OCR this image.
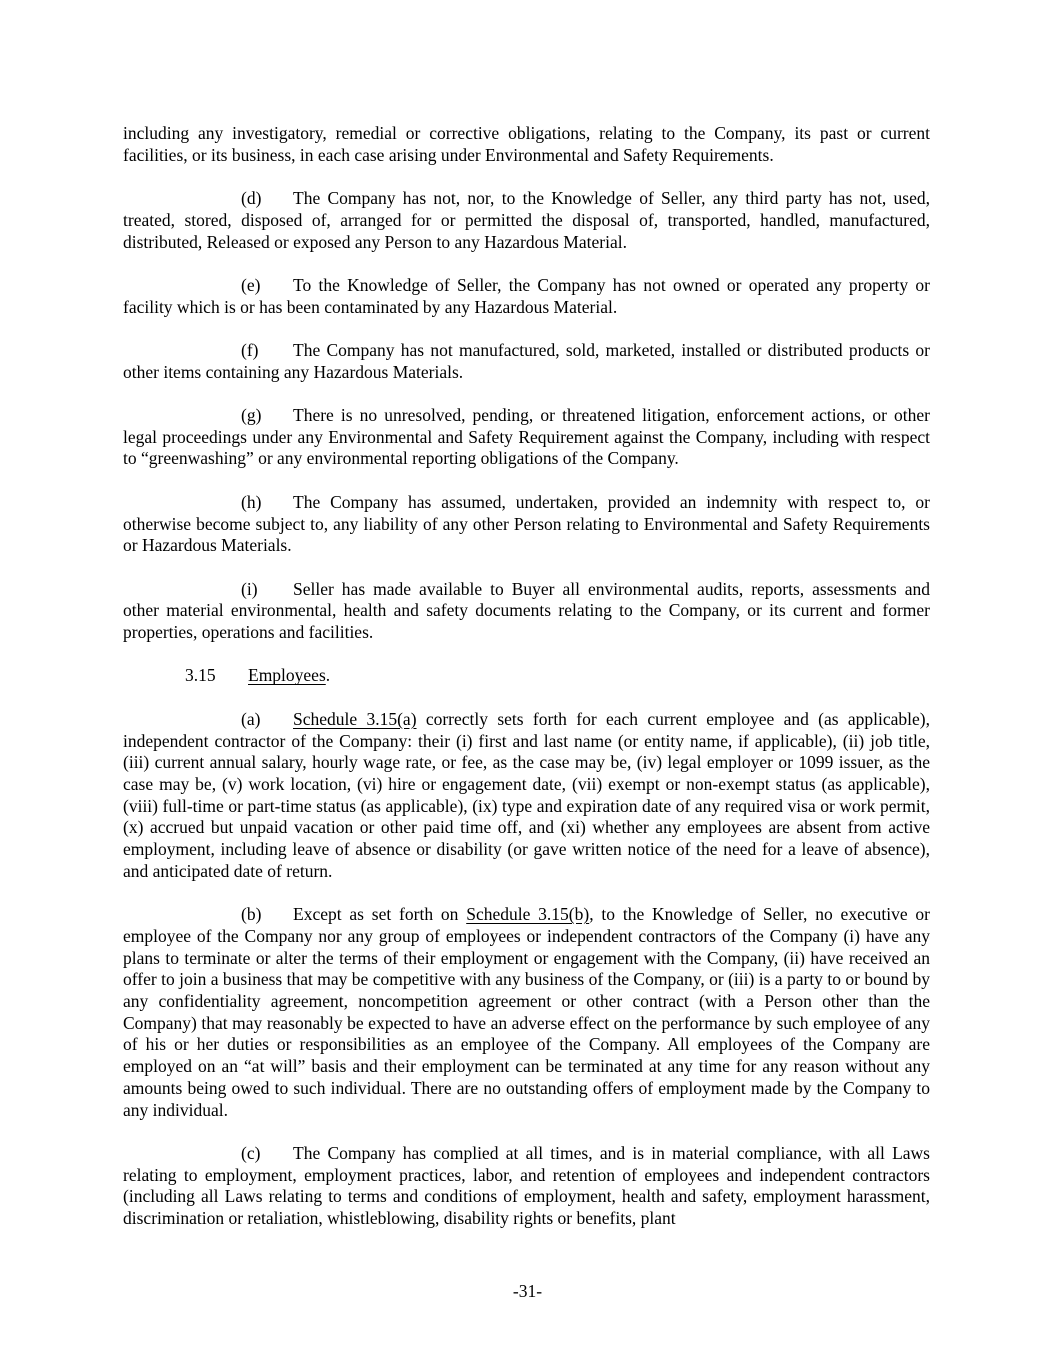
including any investigatory, remedial or corrective obligations, relating to the Company, its past or current facilities, or its business, in each case arising under Environmental and Safety Requirements.

(d) The Company has not, nor, to the Knowledge of Seller, any third party has not, used, treated, stored, disposed of, arranged for or permitted the disposal of, transported, handled, manufactured, distributed, Released or exposed any Person to any Hazardous Material.

(e) To the Knowledge of Seller, the Company has not owned or operated any property or facility which is or has been contaminated by any Hazardous Material.

(f) The Company has not manufactured, sold, marketed, installed or distributed products or other items containing any Hazardous Materials.

(g) There is no unresolved, pending, or threatened litigation, enforcement actions, or other legal proceedings under any Environmental and Safety Requirement against the Company, including with respect to “greenwashing” or any environmental reporting obligations of the Company.

(h) The Company has assumed, undertaken, provided an indemnity with respect to, or otherwise become subject to, any liability of any other Person relating to Environmental and Safety Requirements or Hazardous Materials.

(i) Seller has made available to Buyer all environmental audits, reports, assessments and other material environmental, health and safety documents relating to the Company, or its current and former properties, operations and facilities.

3.15 Employees.

(a) Schedule 3.15(a) correctly sets forth for each current employee and (as applicable), independent contractor of the Company: their (i) first and last name (or entity name, if applicable), (ii) job title, (iii) current annual salary, hourly wage rate, or fee, as the case may be, (iv) legal employer or 1099 issuer, as the case may be, (v) work location, (vi) hire or engagement date, (vii) exempt or non-exempt status (as applicable), (viii) full-time or part-time status (as applicable), (ix) type and expiration date of any required visa or work permit, (x) accrued but unpaid vacation or other paid time off, and (xi) whether any employees are absent from active employment, including leave of absence or disability (or gave written notice of the need for a leave of absence), and anticipated date of return.

(b) Except as set forth on Schedule 3.15(b), to the Knowledge of Seller, no executive or employee of the Company nor any group of employees or independent contractors of the Company (i) have any plans to terminate or alter the terms of their employment or engagement with the Company, (ii) have received an offer to join a business that may be competitive with any business of the Company, or (iii) is a party to or bound by any confidentiality agreement, noncompetition agreement or other contract (with a Person other than the Company) that may reasonably be expected to have an adverse effect on the performance by such employee of any of his or her duties or responsibilities as an employee of the Company. All employees of the Company are employed on an “at will” basis and their employment can be terminated at any time for any reason without any amounts being owed to such individual. There are no outstanding offers of employment made by the Company to any individual.

(c) The Company has complied at all times, and is in material compliance, with all Laws relating to employment, employment practices, labor, and retention of employees and independent contractors (including all Laws relating to terms and conditions of employment, health and safety, employment harassment, discrimination or retaliation, whistleblowing, disability rights or benefits, plant

-31-
